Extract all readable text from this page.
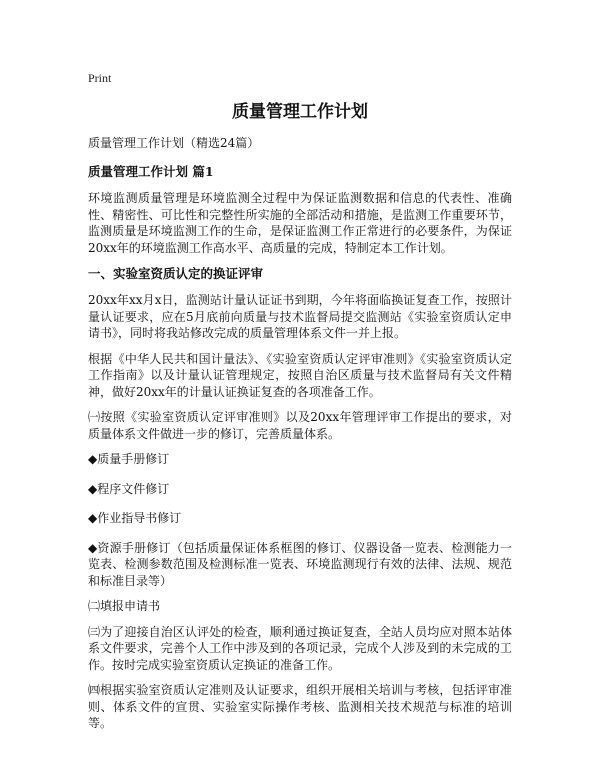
Print
质量管理工作计划
质量管理工作计划（精选24篇）
质量管理工作计划 篇1

环境监测质量管理是环境监测全过程中为保证监测数据和信息的代表性、准确性、精密性、可比性和完整性所实施的全部活动和措施，是监测工作重要环节，监测质量是环境监测工作的生命，是保证监测工作正常进行的必要条件，为保证20xx年的环境监测工作高水平、高质量的完成，特制定本工作计划。

一、实验室资质认定的换证评审

20xx年xx月x日，监测站计量认证证书到期，今年将面临换证复查工作，按照计量认证要求，应在5月底前向质量与技术监督局提交监测站《实验室资质认定申请书》，同时将我站修改完成的质量管理体系文件一并上报。

根据《中华人民共和国计量法》、《实验室资质认定评审准则》《实验室资质认定工作指南》以及计量认证管理规定，按照自治区质量与技术监督局有关文件精神，做好20xx年的计量认证换证复查的各项准备工作。

㈠按照《实验室资质认定评审准则》以及20xx年管理评审工作提出的要求，对质量体系文件做进一步的修订，完善质量体系。

◆质量手册修订

◆程序文件修订

◆作业指导书修订

◆资源手册修订（包括质量保证体系框图的修订、仪器设备一览表、检测能力一览表、检测参数范围及检测标准一览表、环境监测现行有效的法律、法规、规范和标准目录等）

㈡填报申请书

㈢为了迎接自治区认评处的检查，顺利通过换证复查，全站人员均应对照本站体系文件要求，完善个人工作中涉及到的各项记录，完成个人涉及到的未完成的工作。按时完成实验室资质认定换证的准备工作。

㈣根据实验室资质认定准则及认证要求，组织开展相关培训与考核，包括评审准则、体系文件的宣贯、实验室实际操作考核、监测相关技术规范与标准的培训等。
